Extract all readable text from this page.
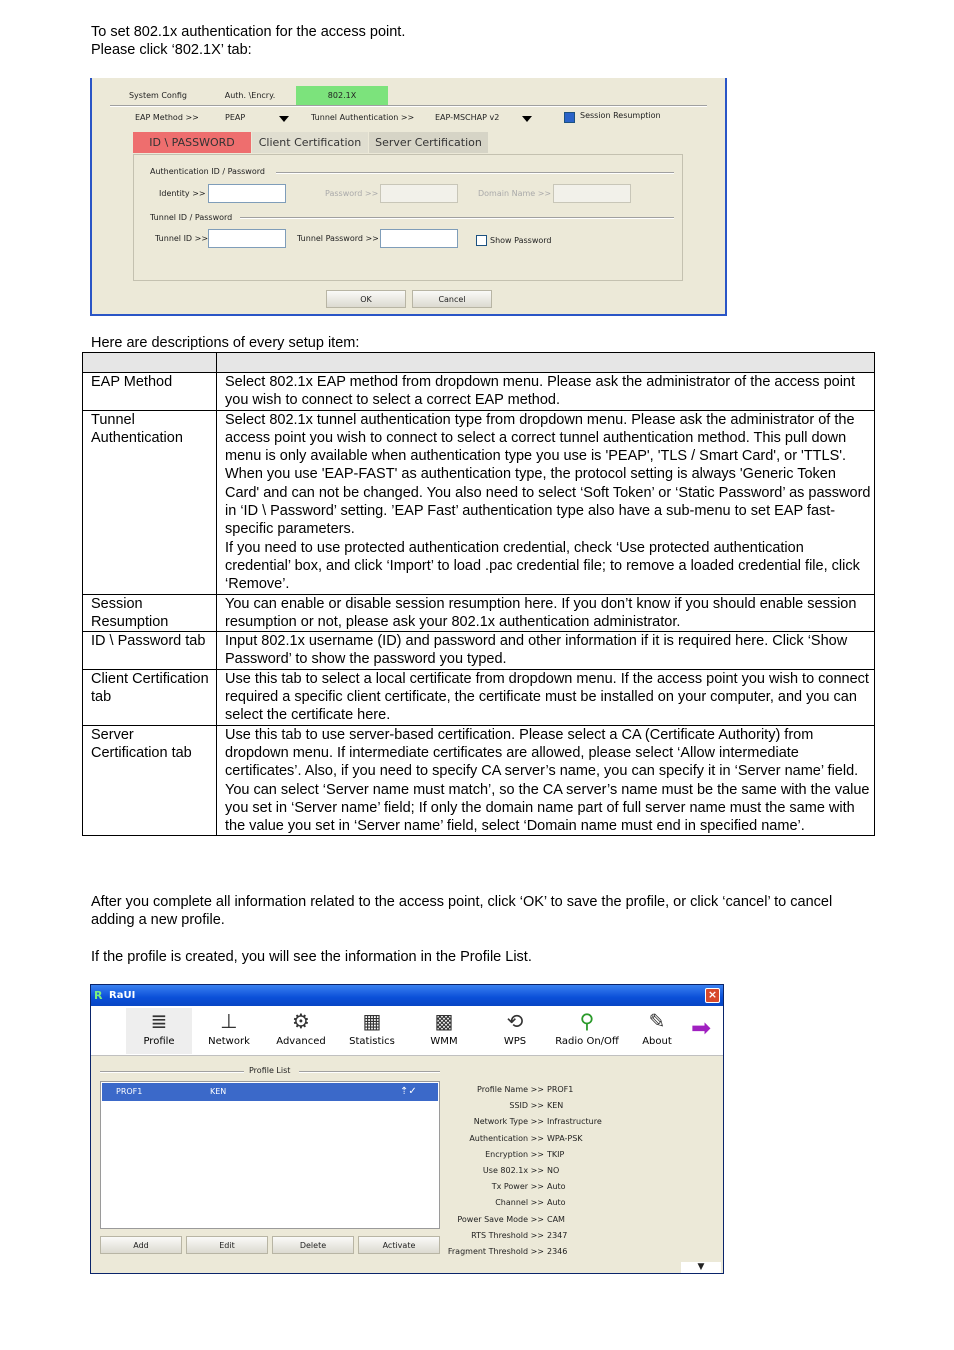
To set 802.1x authentication for the access point.

Please click ‘802.1X’ tab:

System Config	Auth. \Encry.	802.1X
EAP Method >>	PEAP	Tunnel Authentication >>	EAP-MSCHAP v2	Session Resumption
ID \ PASSWORD	Client Certification	Server Certification
Authentication ID / Password
Identity >>	Password >>	Domain Name >>
Tunnel ID / Password
Tunnel ID >>	Tunnel Password >>	Show Password
OK	Cancel

Here are descriptions of every setup item:

EAP Method	Select 802.1x EAP method from dropdown menu. Please ask the administrator of the access point you wish to connect to select a correct EAP method.
Tunnel Authentication	Select 802.1x tunnel authentication type from dropdown menu. Please ask the administrator of the access point you wish to connect to select a correct tunnel authentication method. This pull down menu is only available when authentication type you use is 'PEAP', 'TLS / Smart Card', or 'TTLS'. When you use 'EAP-FAST' as authentication type, the protocol setting is always 'Generic Token Card' and can not be changed. You also need to select ‘Soft Token’ or ‘Static Password’ as password in ‘ID \ Password’ setting. ’EAP Fast’ authentication type also have a sub-menu to set EAP fast-specific parameters.
If you need to use protected authentication credential, check ‘Use protected authentication credential’ box, and click ‘Import’ to load .pac credential file; to remove a loaded credential file, click ‘Remove’.

Session Resumption	You can enable or disable session resumption here. If you don’t know if you should enable session resumption or not, please ask your 802.1x authentication administrator.
ID \ Password tab	Input 802.1x username (ID) and password and other information if it is required here. Click ‘Show Password’ to show the password you typed.
Client Certification tab	Use this tab to select a local certificate from dropdown menu. If the access point you wish to connect required a specific client certificate, the certificate must be installed on your computer, and you can select the certificate here.
Server Certification tab	Use this tab to use server-based certification. Please select a CA (Certificate Authority) from dropdown menu. If intermediate certificates are allowed, please select ‘Allow intermediate certificates’. Also, if you need to specify CA server’s name, you can specify it in ‘Server name’ field. You can select ‘Server name must match’, so the CA server’s name must be the same with the value you set in ‘Server name’ field; If only the domain name part of full server name must the same with the value you set in ‘Server name’ field, select ‘Domain name must end in specified name’.

After you complete all information related to the access point, click ‘OK’ to save the profile, or click ‘cancel’ to cancel adding a new profile.

If the profile is created, you will see the information in the Profile List.

R RaUI	×
≣
Profile
⊥
Network
⚙
Advanced
▦
Statistics
▩
WMM
⟲
WPS
⚲
Radio On/Off
✎
About ➡
Profile List
PROF1	KEN	⇡✓
Add	Edit	Delete	Activate
Profile Name >> PROF1
SSID >> KEN
Network Type >> Infrastructure
Authentication >> WPA-PSK
Encryption >> TKIP
Use 802.1x >> NO
Tx Power >> Auto
Channel >> Auto
Power Save Mode >> CAM
RTS Threshold >> 2347
Fragment Threshold >> 2346
▼
